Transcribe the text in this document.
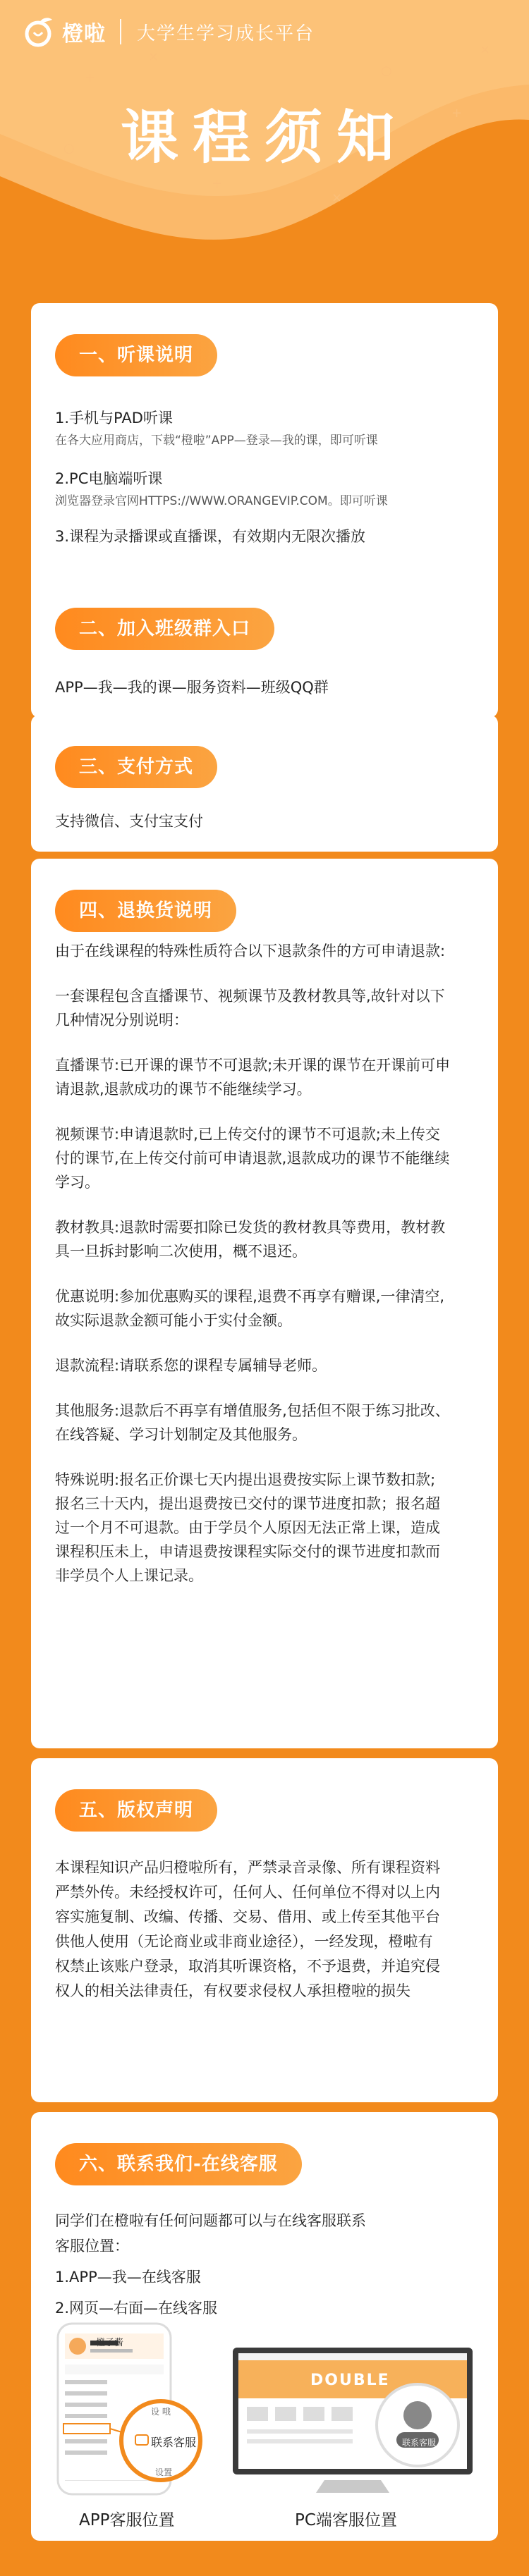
+
×
○
+
○
×
+
×
橙啦 大学生学习成长平台
课程须知
一、听课说明
1.手机与PAD听课
在各大应用商店，下载“橙啦”APP—登录—我的课，即可听课
2.PC电脑端听课
浏览器登录官网HTTPS://WWW.ORANGEVIP.COM。即可听课
3.课程为录播课或直播课，有效期内无限次播放
二、加入班级群入口
APP—我—我的课—服务资料—班级QQ群
三、支付方式
支持微信、支付宝支付
四、退换货说明
由于在线课程的特殊性质符合以下退款条件的方可申请退款:
一套课程包含直播课节、视频课节及教材教具等,故针对以下
几种情况分别说明：
直播课节:已开课的课节不可退款;未开课的课节在开课前可申
请退款,退款成功的课节不能继续学习。
视频课节:申请退款时,已上传交付的课节不可退款;未上传交
付的课节,在上传交付前可申请退款,退款成功的课节不能继续
学习。
教材教具:退款时需要扣除已发货的教材教具等费用，教材教
具一旦拆封影响二次使用，概不退还。
优惠说明:参加优惠购买的课程,退费不再享有赠课,一律清空,
故实际退款金额可能小于实付金额。
退款流程:请联系您的课程专属辅导老师。
其他服务:退款后不再享有增值服务,包括但不限于练习批改、
在线答疑、学习计划制定及其他服务。
特殊说明:报名正价课七天内提出退费按实际上课节数扣款;
报名三十天内，提出退费按已交付的课节进度扣款；报名超
过一个月不可退款。由于学员个人原因无法正常上课，造成
课程积压未上，申请退费按课程实际交付的课节进度扣款而
非学员个人上课记录。
五、版权声明
本课程知识产品归橙啦所有，严禁录音录像、所有课程资料
严禁外传。未经授权许可，任何人、任何单位不得对以上内
容实施复制、改编、传播、交易、借用、或上传至其他平台
供他人使用（无论商业或非商业途径），一经发现，橙啦有
权禁止该账户登录，取消其听课资格，不予退费，并追究侵
权人的相关法律责任，有权要求侵权人承担橙啦的损失
六、联系我们-在线客服
同学们在橙啦有任何问题都可以与在线客服联系
客服位置：
1.APP—我—在线客服
2.网页—右面—在线客服
橙子酱
联系客服
设 哦
设置
DOUBLE
联系客服
APP客服位置	PC端客服位置
